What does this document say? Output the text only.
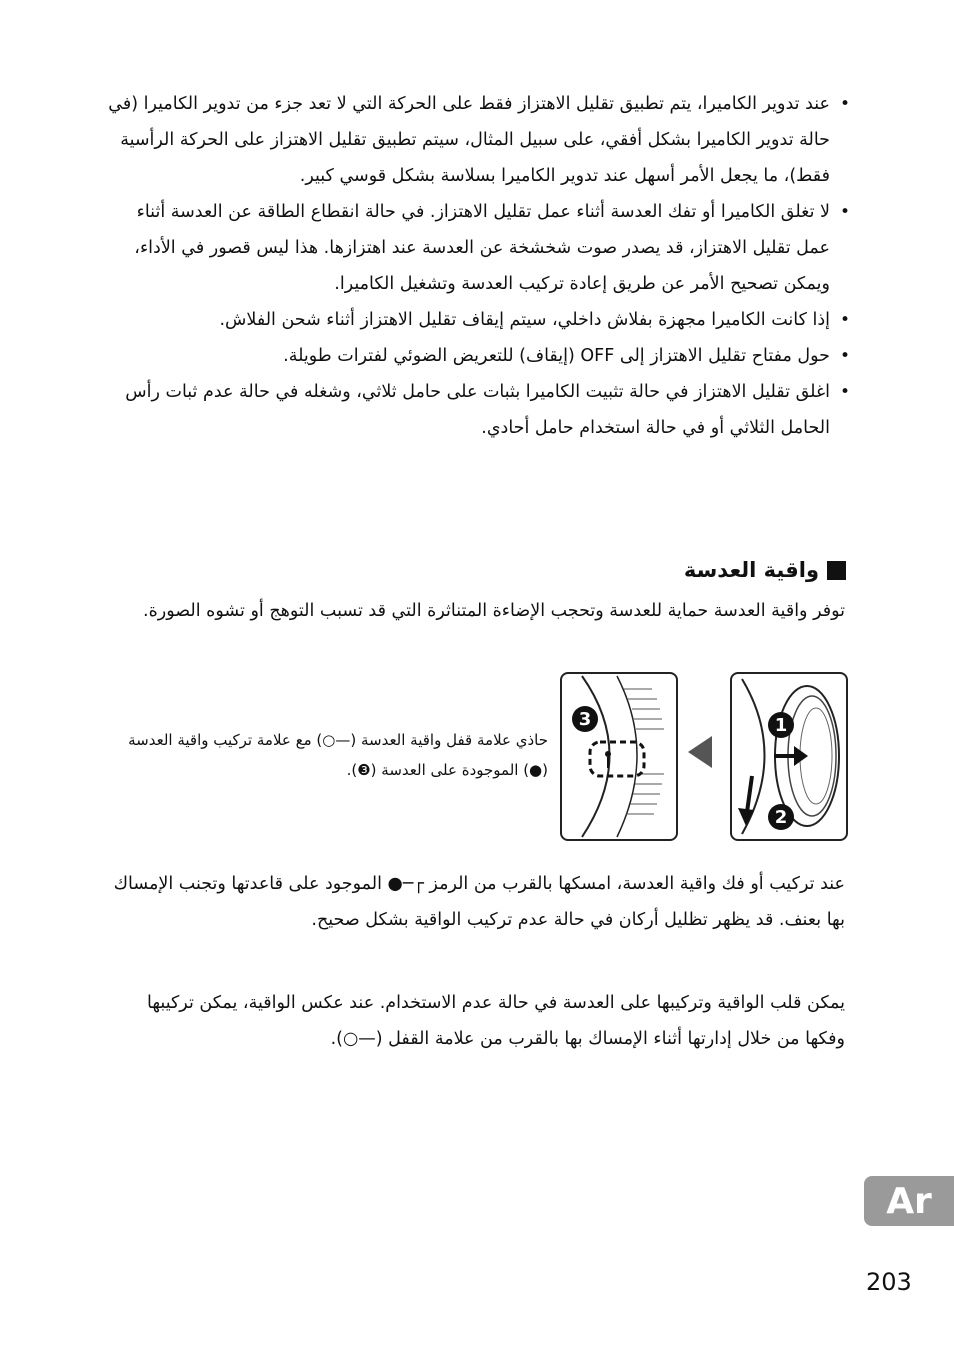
•
عند تدوير الكاميرا، يتم تطبيق تقليل الاهتزاز فقط على الحركة التي لا تعد جزء من تدوير الكاميرا (في حالة تدوير الكاميرا بشكل أفقي، على سبيل المثال، سيتم تطبيق تقليل الاهتزاز على الحركة الرأسية فقط)، ما يجعل الأمر أسهل عند تدوير الكاميرا بسلاسة بشكل قوسي كبير.
•
لا تغلق الكاميرا أو تفك العدسة أثناء عمل تقليل الاهتزاز. في حالة انقطاع الطاقة عن العدسة أثناء عمل تقليل الاهتزاز، قد يصدر صوت شخشخة عن العدسة عند اهتزازها. هذا ليس قصور في الأداء، ويمكن تصحيح الأمر عن طريق إعادة تركيب العدسة وتشغيل الكاميرا.
•
إذا كانت الكاميرا مجهزة بفلاش داخلي، سيتم إيقاف تقليل الاهتزاز أثناء شحن الفلاش.
•
حول مفتاح تقليل الاهتزاز إلى OFF (إيقاف) للتعريض الضوئي لفترات طويلة.
•
اغلق تقليل الاهتزاز في حالة تثبيت الكاميرا بثبات على حامل ثلاثي، وشغله في حالة عدم ثبات رأس الحامل الثلاثي أو في حالة استخدام حامل أحادي.
واقية العدسة
توفر واقية العدسة حماية للعدسة وتحجب الإضاءة المتناثرة التي قد تسبب التوهج أو تشوه الصورة.
حاذي علامة قفل واقية العدسة (—○) مع علامة تركيب واقية العدسة (●) الموجودة على العدسة (❸).
3	1
2
عند تركيب أو فك واقية العدسة، امسكها بالقرب من الرمز ┌─● الموجود على قاعدتها وتجنب الإمساك بها بعنف. قد يظهر تظليل أركان في حالة عدم تركيب الواقية بشكل صحيح.
يمكن قلب الواقية وتركيبها على العدسة في حالة عدم الاستخدام. عند عكس الواقية، يمكن تركيبها وفكها من خلال إدارتها أثناء الإمساك بها بالقرب من علامة القفل (—○).
Ar
203
